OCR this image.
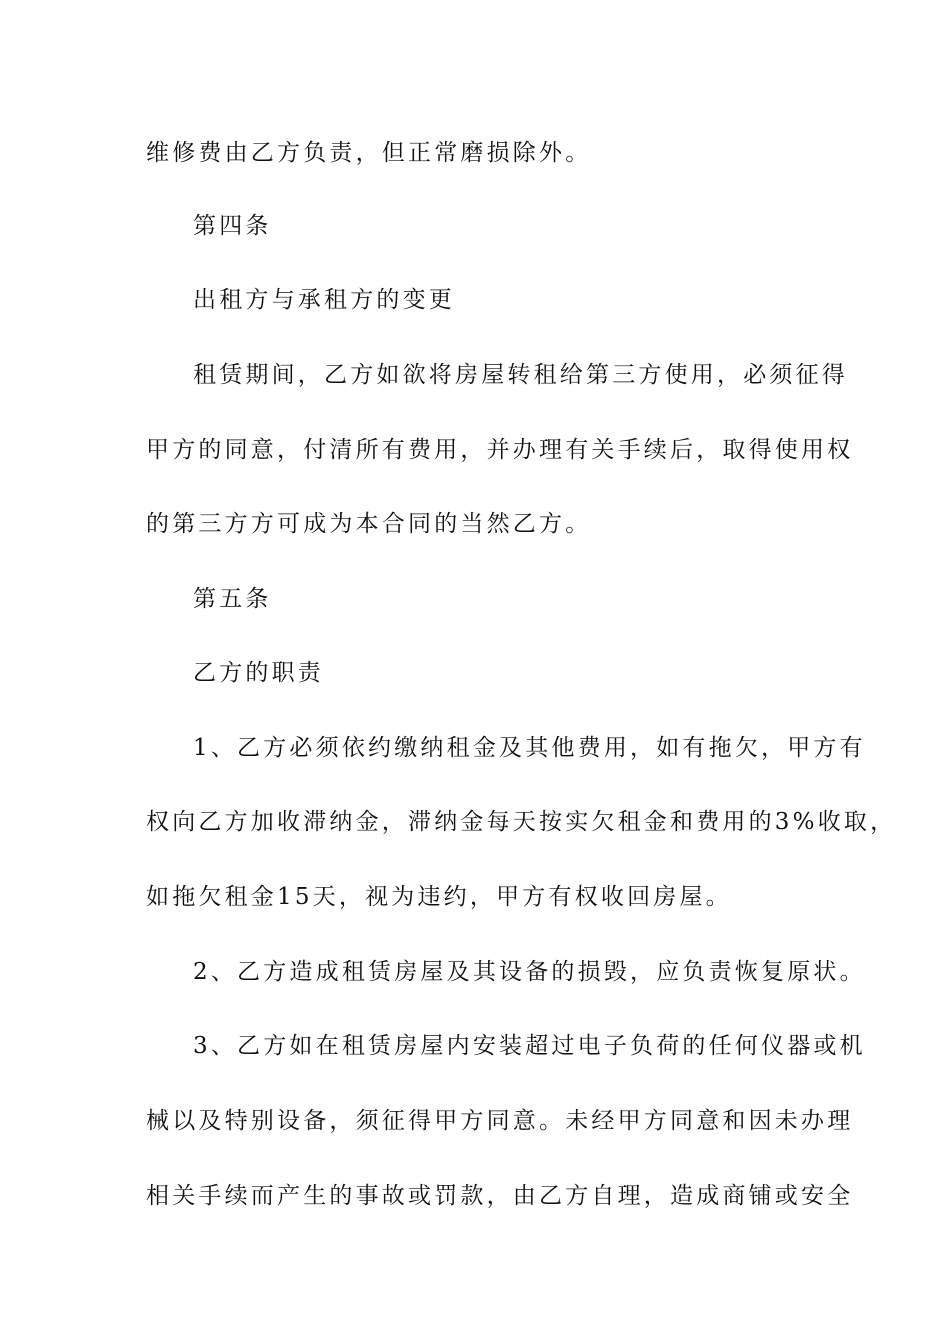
维修费由乙方负责，但正常磨损除外。
第四条
出租方与承租方的变更
租赁期间，乙方如欲将房屋转租给第三方使用，必须征得
甲方的同意，付清所有费用，并办理有关手续后，取得使用权
的第三方方可成为本合同的当然乙方。
第五条
乙方的职责
1、乙方必须依约缴纳租金及其他费用，如有拖欠，甲方有
权向乙方加收滞纳金，滞纳金每天按实欠租金和费用的3%收取，
如拖欠租金15天，视为违约，甲方有权收回房屋。
2、乙方造成租赁房屋及其设备的损毁，应负责恢复原状。
3、乙方如在租赁房屋内安装超过电子负荷的任何仪器或机
械以及特别设备，须征得甲方同意。未经甲方同意和因未办理
相关手续而产生的事故或罚款，由乙方自理，造成商铺或安全
